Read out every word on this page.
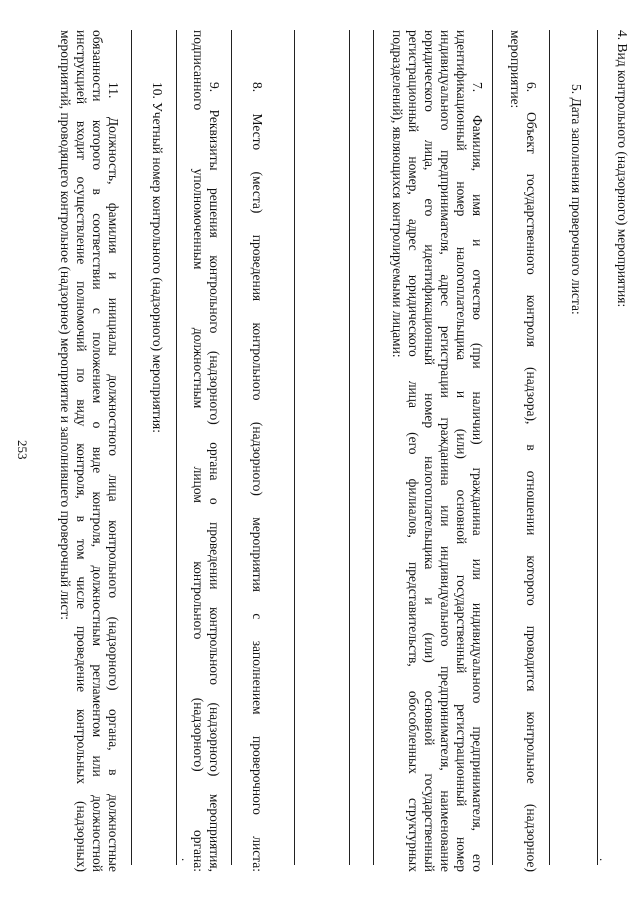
4. Вид контрольного (надзорного) мероприятия:
.
5. Дата заполнения проверочного листа:
6. Объект государственного контроля (надзора), в отношении которого проводится контрольное (надзорное)
мероприятие:
7. Фамилия, имя и отчество (при наличии) гражданина или индивидуального предпринимателя, его
идентификационный номер налогоплательщика и (или) основной государственный регистрационный номер
индивидуального предпринимателя, адрес регистрации гражданина или индивидуального предпринимателя, наименование
юридического лица, его идентификационный номер налогоплательщика и (или) основной государственный
регистрационный номер, адрес юридического лица (его филиалов, представительств, обособленных структурных
подразделений), являющихся контролируемыми лицами:
8. Место (места) проведения контрольного (надзорного) мероприятия с заполнением проверочного листа:
9. Реквизиты решения контрольного (надзорного) органа о проведении контрольного (надзорного) мероприятия,
подписанного уполномоченным должностным лицом контрольного (надзорного) органа:
.
10. Учетный номер контрольного (надзорного) мероприятия:
11. Должность, фамилия и инициалы должностного лица контрольного (надзорного) органа, в должностные
обязанности которого в соответствии с положением о виде контроля, должностным регламентом или должностной
инструкцией входит осуществление полномочий по виду контроля, в том числе проведение контрольных (надзорных)
мероприятий, проводящего контрольное (надзорное) мероприятие и заполнившего проверочный лист:
253
